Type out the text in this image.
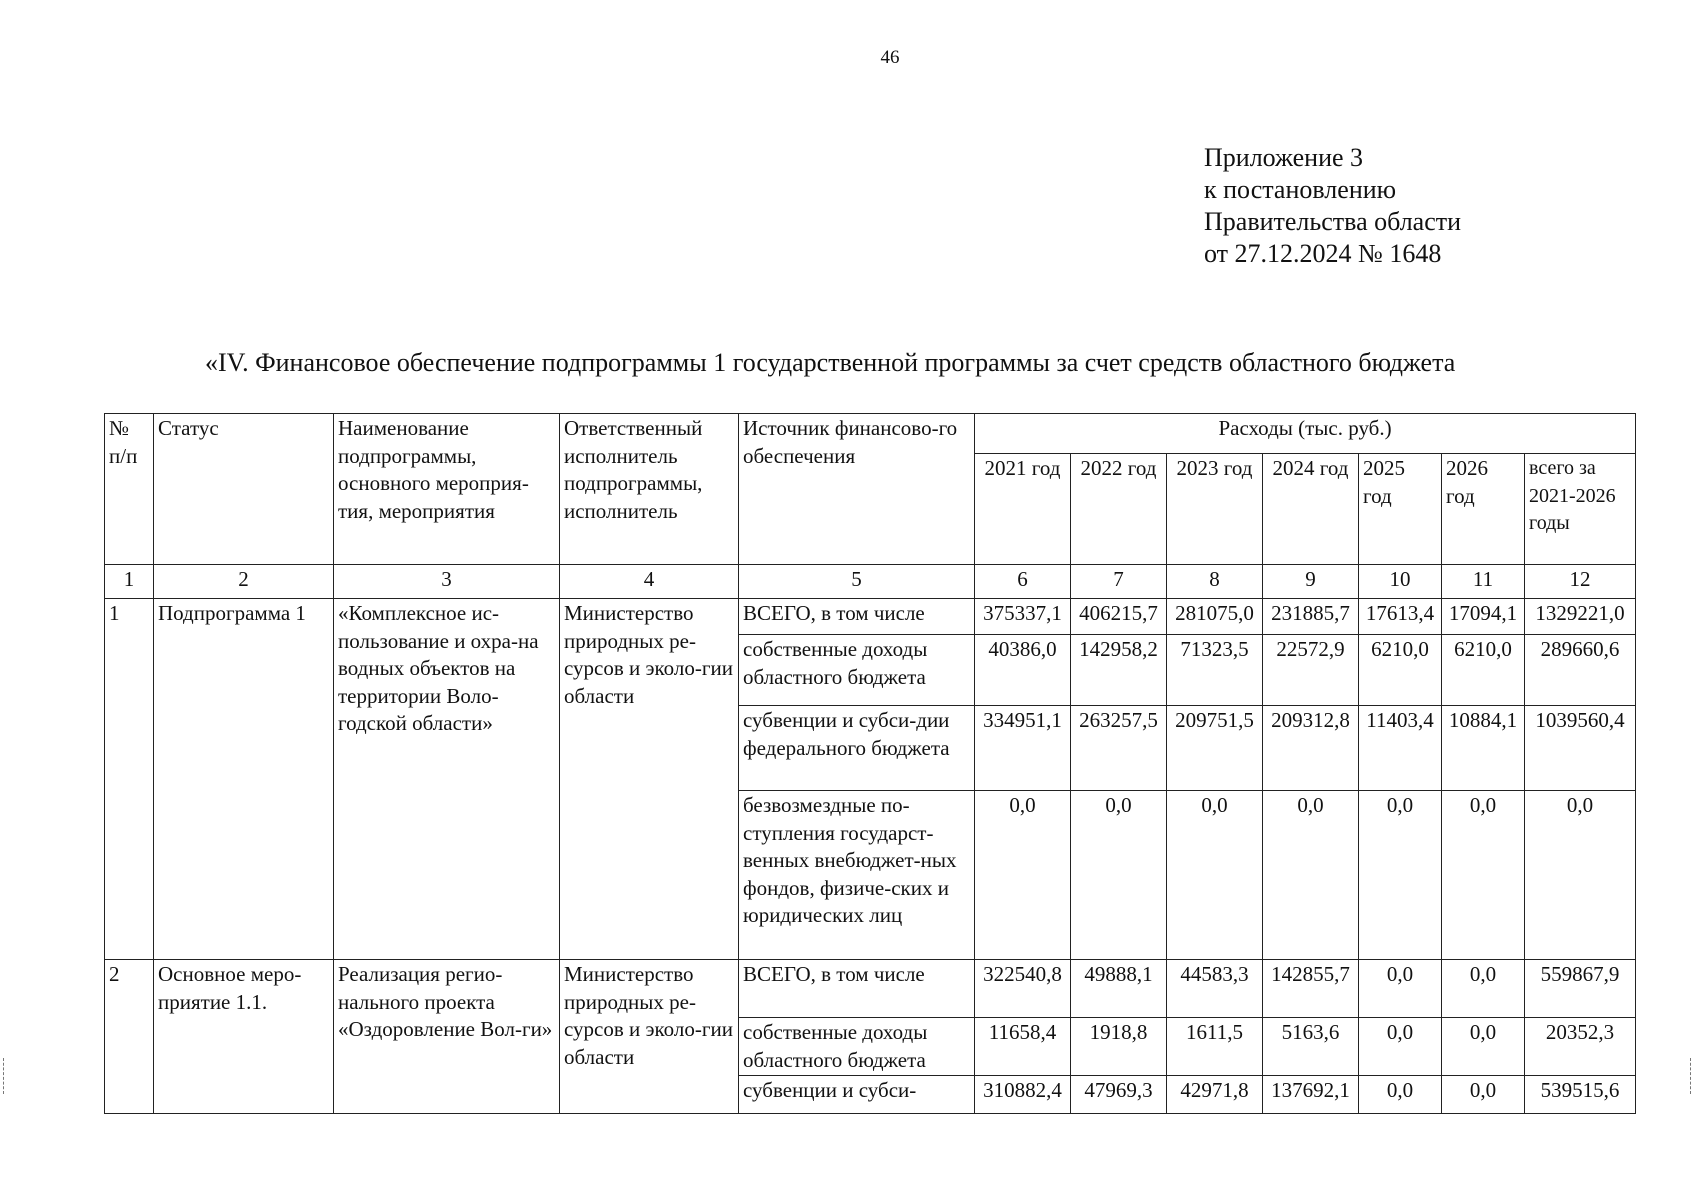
46
Приложение 3
к постановлению
Правительства области
от 27.12.2024 № 1648
«IV. Финансовое обеспечение подпрограммы 1 государственной программы за счет средств областного бюджета
№ п/п	Статус	Наименование подпрограммы, основного мероприя-тия, мероприятия	Ответственный исполнитель подпрограммы, исполнитель	Источник финансово-го обеспечения	Расходы (тыс. руб.)						
					2021 год	2022 год	2023 год	2024 год	2025 год	2026 год	всего за 2021-2026 годы
1	2	3	4	5	6	7	8	9	10	11	12
1	Подпрограмма 1	«Комплексное ис-пользование и охра-на водных объектов на территории Воло-годской области»	Министерство природных ре-сурсов и эколо-гии области	ВСЕГО, в том числе	375337,1	406215,7	281075,0	231885,7	17613,4	17094,1	1329221,0
				собственные доходы областного бюджета	40386,0	142958,2	71323,5	22572,9	6210,0	6210,0	289660,6
				субвенции и субси-дии федерального бюджета	334951,1	263257,5	209751,5	209312,8	11403,4	10884,1	1039560,4
				безвозмездные по-ступления государст-венных внебюджет-ных фондов, физиче-ских и юридических лиц	0,0	0,0	0,0	0,0	0,0	0,0	0,0
2	Основное меро-приятие 1.1.	Реализация регио-нального проекта «Оздоровление Вол-ги»	Министерство природных ре-сурсов и эколо-гии области	ВСЕГО, в том числе	322540,8	49888,1	44583,3	142855,7	0,0	0,0	559867,9
				собственные доходы областного бюджета	11658,4	1918,8	1611,5	5163,6	0,0	0,0	20352,3
				субвенции и субси-	310882,4	47969,3	42971,8	137692,1	0,0	0,0	539515,6
